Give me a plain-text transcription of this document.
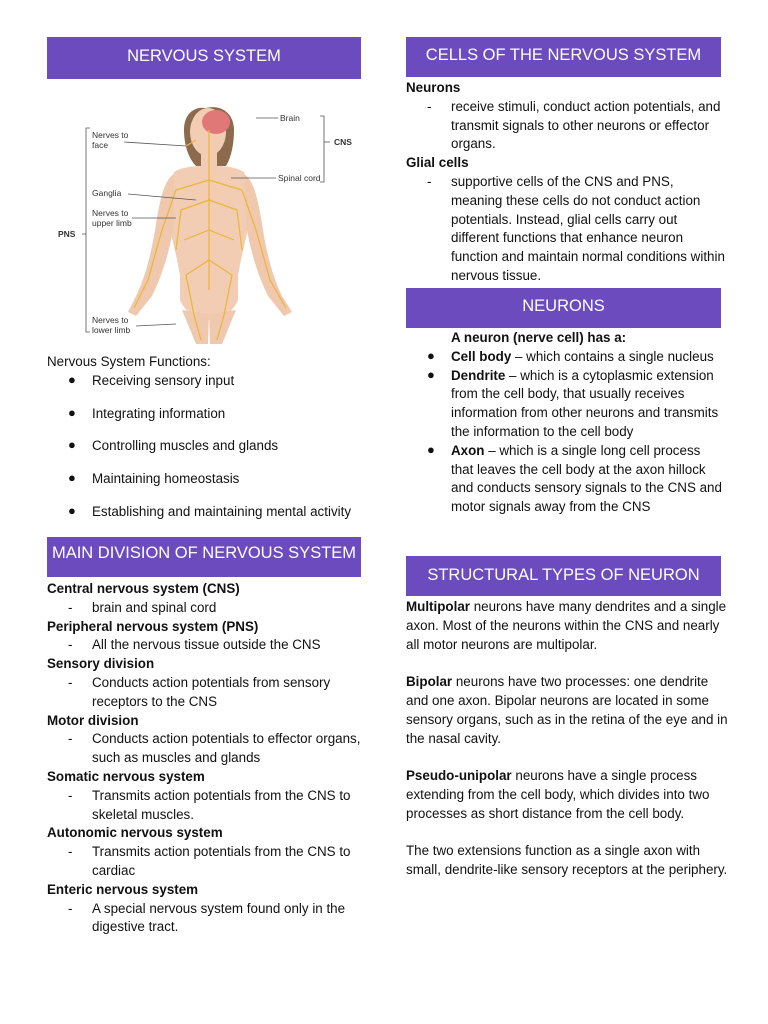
NERVOUS SYSTEM
Brain
CNS
Nerves to
face
Spinal cord
Ganglia
Nerves to
upper limb
PNS
Nerves to
lower limb

Nervous System Functions:

● Receiving sensory input
● Integrating information
● Controlling muscles and glands
● Maintaining homeostasis
● Establishing and maintaining mental activity
MAIN DIVISION OF NERVOUS SYSTEM

Central nervous system (CNS)

- brain and spinal cord

Peripheral nervous system (PNS)

- All the nervous tissue outside the CNS

Sensory division

- Conducts action potentials from sensory receptors to the CNS

Motor division

- Conducts action potentials to effector organs, such as muscles and glands

Somatic nervous system

- Transmits action potentials from the CNS to skeletal muscles.

Autonomic nervous system

- Transmits action potentials from the CNS to cardiac

Enteric nervous system

- A special nervous system found only in the digestive tract.
CELLS OF THE NERVOUS SYSTEM

Neurons

- receive stimuli, conduct action potentials, and transmit signals to other neurons or effector organs.

Glial cells

- supportive cells of the CNS and PNS, meaning these cells do not conduct action potentials. Instead, glial cells carry out different functions that enhance neuron function and maintain normal conditions within nervous tissue.
NEURONS

A neuron (nerve cell) has a:

● Cell body – which contains a single nucleus
● Dendrite – which is a cytoplasmic extension from the cell body, that usually receives information from other neurons and transmits the information to the cell body
● Axon – which is a single long cell process that leaves the cell body at the axon hillock and conducts sensory signals to the CNS and motor signals away from the CNS
STRUCTURAL TYPES OF NEURON

Multipolar neurons have many dendrites and a single axon. Most of the neurons within the CNS and nearly all motor neurons are multipolar.

Bipolar neurons have two processes: one dendrite and one axon. Bipolar neurons are located in some sensory organs, such as in the retina of the eye and in the nasal cavity.

Pseudo-unipolar neurons have a single process extending from the cell body, which divides into two processes as short distance from the cell body.

The two extensions function as a single axon with small, dendrite-like sensory receptors at the periphery.
